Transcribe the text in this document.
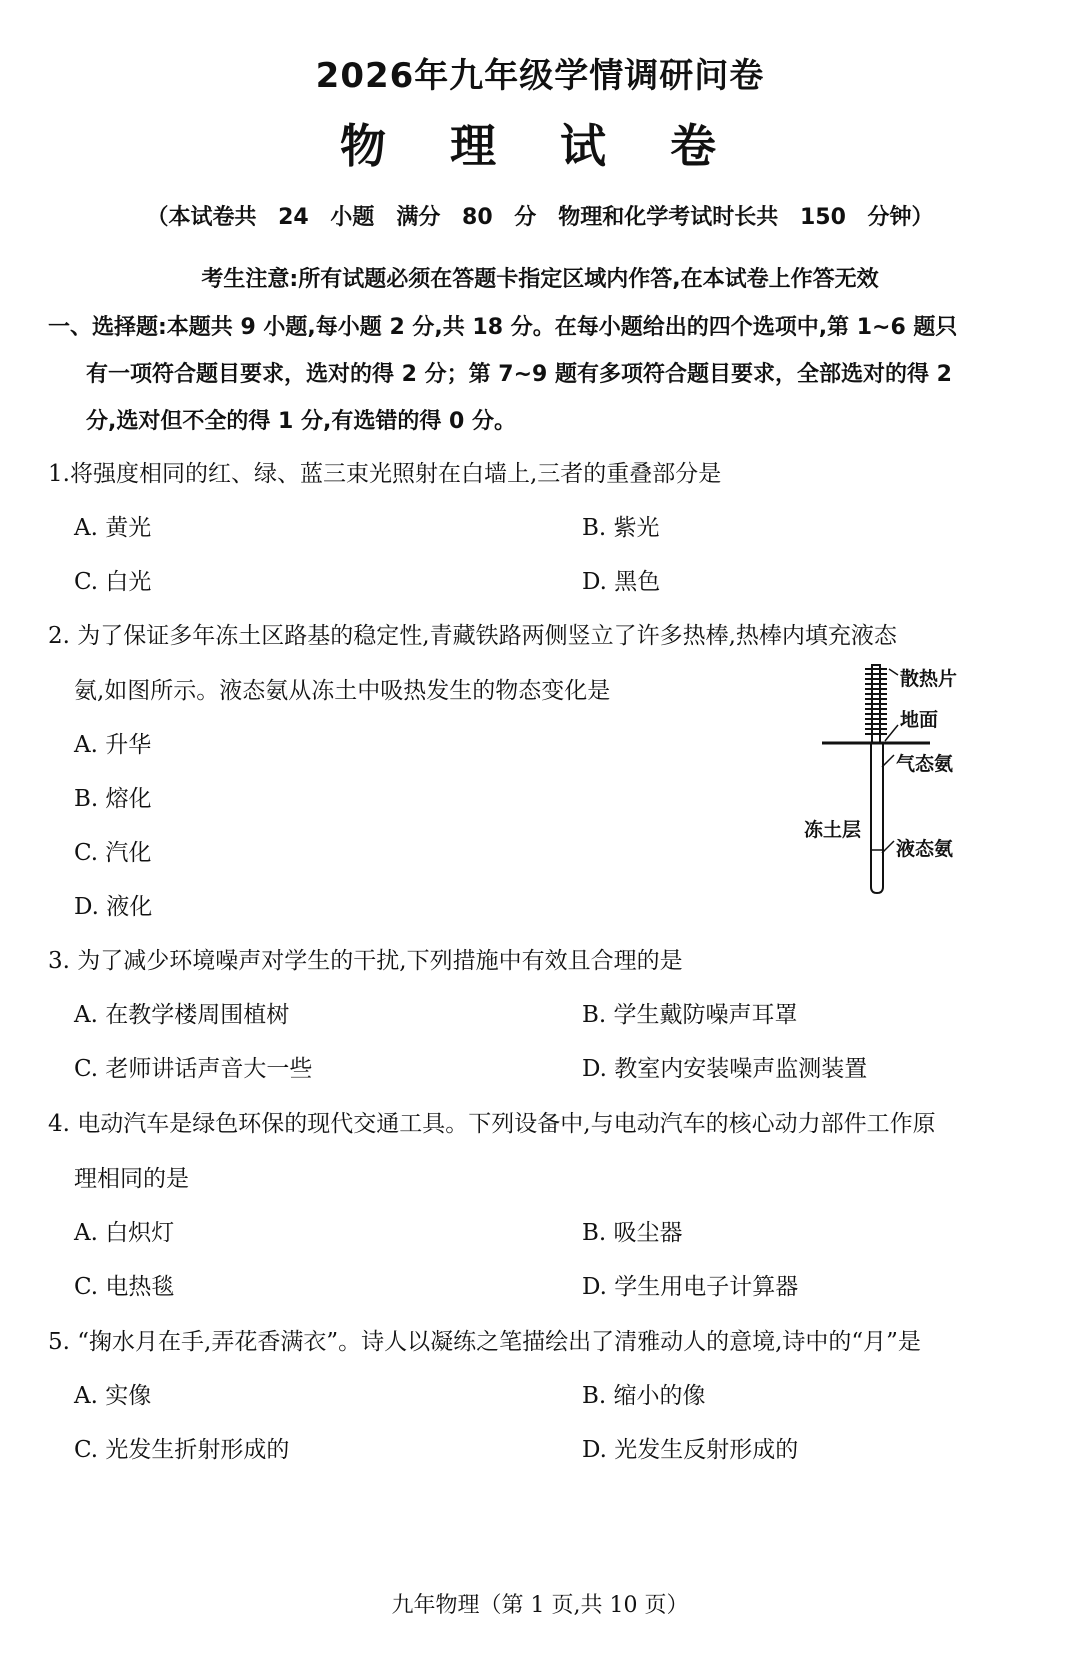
2026年九年级学情调研问卷
物 理 试 卷
（本试卷共 24 小题　满分 80 分　物理和化学考试时长共 150 分钟）
考生注意:所有试题必须在答题卡指定区域内作答,在本试卷上作答无效
一、选择题:本题共 9 小题,每小题 2 分,共 18 分。在每小题给出的四个选项中,第 1~6 题只
有一项符合题目要求，选对的得 2 分；第 7~9 题有多项符合题目要求，全部选对的得 2
分,选对但不全的得 1 分,有选错的得 0 分。
1.将强度相同的红、绿、蓝三束光照射在白墙上,三者的重叠部分是
A. 黄光	B. 紫光
C. 白光	D. 黑色
2. 为了保证多年冻土区路基的稳定性,青藏铁路两侧竖立了许多热棒,热棒内填充液态
氨,如图所示。液态氨从冻土中吸热发生的物态变化是
A. 升华
B. 熔化
C. 汽化
D. 液化
散热片
地面
气态氨
冻土层
液态氨
3. 为了减少环境噪声对学生的干扰,下列措施中有效且合理的是
A. 在教学楼周围植树	B. 学生戴防噪声耳罩
C. 老师讲话声音大一些	D. 教室内安装噪声监测装置
4. 电动汽车是绿色环保的现代交通工具。下列设备中,与电动汽车的核心动力部件工作原
理相同的是
A. 白炽灯	B. 吸尘器
C. 电热毯	D. 学生用电子计算器
5. “掬水月在手,弄花香满衣”。诗人以凝练之笔描绘出了清雅动人的意境,诗中的“月”是
A. 实像	B. 缩小的像
C. 光发生折射形成的	D. 光发生反射形成的
九年物理（第 1 页,共 10 页）
